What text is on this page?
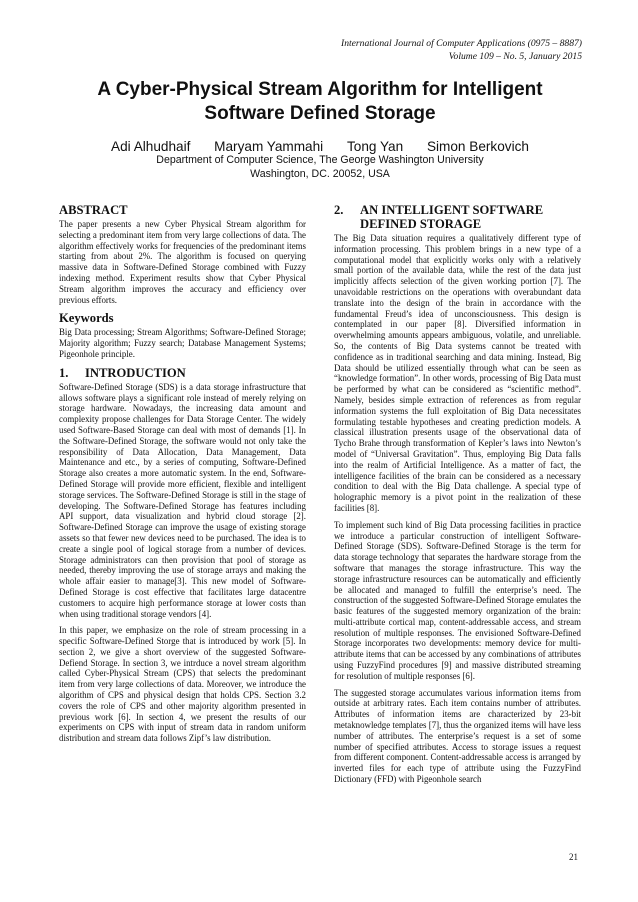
International Journal of Computer Applications (0975 – 8887)
Volume 109 – No. 5, January 2015
A Cyber-Physical Stream Algorithm for Intelligent
Software Defined Storage
Adi Alhudhaif Maryam Yammahi Tong Yan Simon Berkovich
Department of Computer Science, The George Washington University
Washington, DC. 20052, USA
ABSTRACT

The paper presents a new Cyber Physical Stream algorithm for selecting a predominant item from very large collections of data. The algorithm effectively works for frequencies of the predominant items starting from about 2%. The algorithm is focused on querying massive data in Software-Defined Storage combined with Fuzzy indexing method. Experiment results show that Cyber Physical Stream algorithm improves the accuracy and efficiency over previous efforts.

Keywords

Big Data processing; Stream Algorithms; Software-Defined Storage; Majority algorithm; Fuzzy search; Database Management Systems; Pigeonhole principle.

1.	INTRODUCTION

Software-Defined Storage (SDS) is a data storage infrastructure that allows software plays a significant role instead of merely relying on storage hardware. Nowadays, the increasing data amount and complexity propose challenges for Data Storage Center. The widely used Software-Based Storage can deal with most of demands [1]. In the Software-Defined Storage, the software would not only take the responsibility of Data Allocation, Data Management, Data Maintenance and etc., by a series of computing, Software-Defined Storage also creates a more automatic system. In the end, Software-Defined Storage will provide more efficient, flexible and intelligent storage services. The Software-Defined Storage is still in the stage of developing. The Software-Defined Storage has features including API support, data visualization and hybrid cloud storage [2]. Software-Defined Storage can improve the usage of existing storage assets so that fewer new devices need to be purchased. The idea is to create a single pool of logical storage from a number of devices. Storage administrators can then provision that pool of storage as needed, thereby improving the use of storage arrays and making the whole affair easier to manage[3]. This new model of Software-Defined Storage is cost effective that facilitates large datacentre customers to acquire high performance storage at lower costs than when using traditional storage vendors [4].

In this paper, we emphasize on the role of stream processing in a specific Software-Defined Storge that is introduced by work [5]. In section 2, we give a short overview of the suggested Software-Defiend Storage. In section 3, we intrduce a novel stream algorithm called Cyber-Physical Stream (CPS) that selects the predominant item from very large collections of data. Moreover, we introduce the algorithm of CPS and physical design that holds CPS. Section 3.2 covers the role of CPS and other majority algorithm presented in previous work [6]. In section 4, we present the results of our experiments on CPS with input of stream data in random uniform distribution and stream data follows Zipf’s law distribution.

2.	AN INTELLIGENT SOFTWARE
DEFINED STORAGE

The Big Data situation requires a qualitatively different type of information processing. This problem brings in a new type of a computational model that explicitly works only with a relatively small portion of the available data, while the rest of the data just implicitly affects selection of the given working portion [7]. The unavoidable restrictions on the operations with overabundant data translate into the design of the brain in accordance with the fundamental Freud’s idea of unconsciousness. This design is contemplated in our paper [8]. Diversified information in overwhelming amounts appears ambiguous, volatile, and unreliable. So, the contents of Big Data systems cannot be treated with confidence as in traditional searching and data mining. Instead, Big Data should be utilized essentially through what can be seen as “knowledge formation”. In other words, processing of Big Data must be performed by what can be considered as “scientific method”. Namely, besides simple extraction of references as from regular information systems the full exploitation of Big Data necessitates formulating testable hypotheses and creating prediction models. A classical illustration presents usage of the observational data of Tycho Brahe through transformation of Kepler’s laws into Newton’s model of “Universal Gravitation”. Thus, employing Big Data falls into the realm of Artificial Intelligence. As a matter of fact, the intelligence facilities of the brain can be considered as a necessary condition to deal with the Big Data challenge. A special type of holographic memory is a pivot point in the realization of these facilities [8].

To implement such kind of Big Data processing facilities in practice we introduce a particular construction of intelligent Software-Defined Storage (SDS). Software-Defined Storage is the term for data storage technology that separates the hardware storage from the software that manages the storage infrastructure. This way the storage infrastructure resources can be automatically and efficiently be allocated and managed to fulfill the enterprise’s need. The construction of the suggested Software-Defined Storage emulates the basic features of the suggested memory organization of the brain: multi-attribute cortical map, content-addressable access, and stream resolution of multiple responses. The envisioned Software-Defined Storage incorporates two developments: memory device for multi-attribute items that can be accessed by any combinations of attributes using FuzzyFind procedures [9] and massive distributed streaming for resolution of multiple responses [6].

The suggested storage accumulates various information items from outside at arbitrary rates. Each item contains number of attributes. Attributes of information items are characterized by 23-bit metaknowledge templates [7], thus the organized items will have less number of attributes. The enterprise’s request is a set of some number of specified attributes. Access to storage issues a request from different component. Content-addressable access is arranged by inverted files for each type of attribute using the FuzzyFind Dictionary (FFD) with Pigeonhole search

21
